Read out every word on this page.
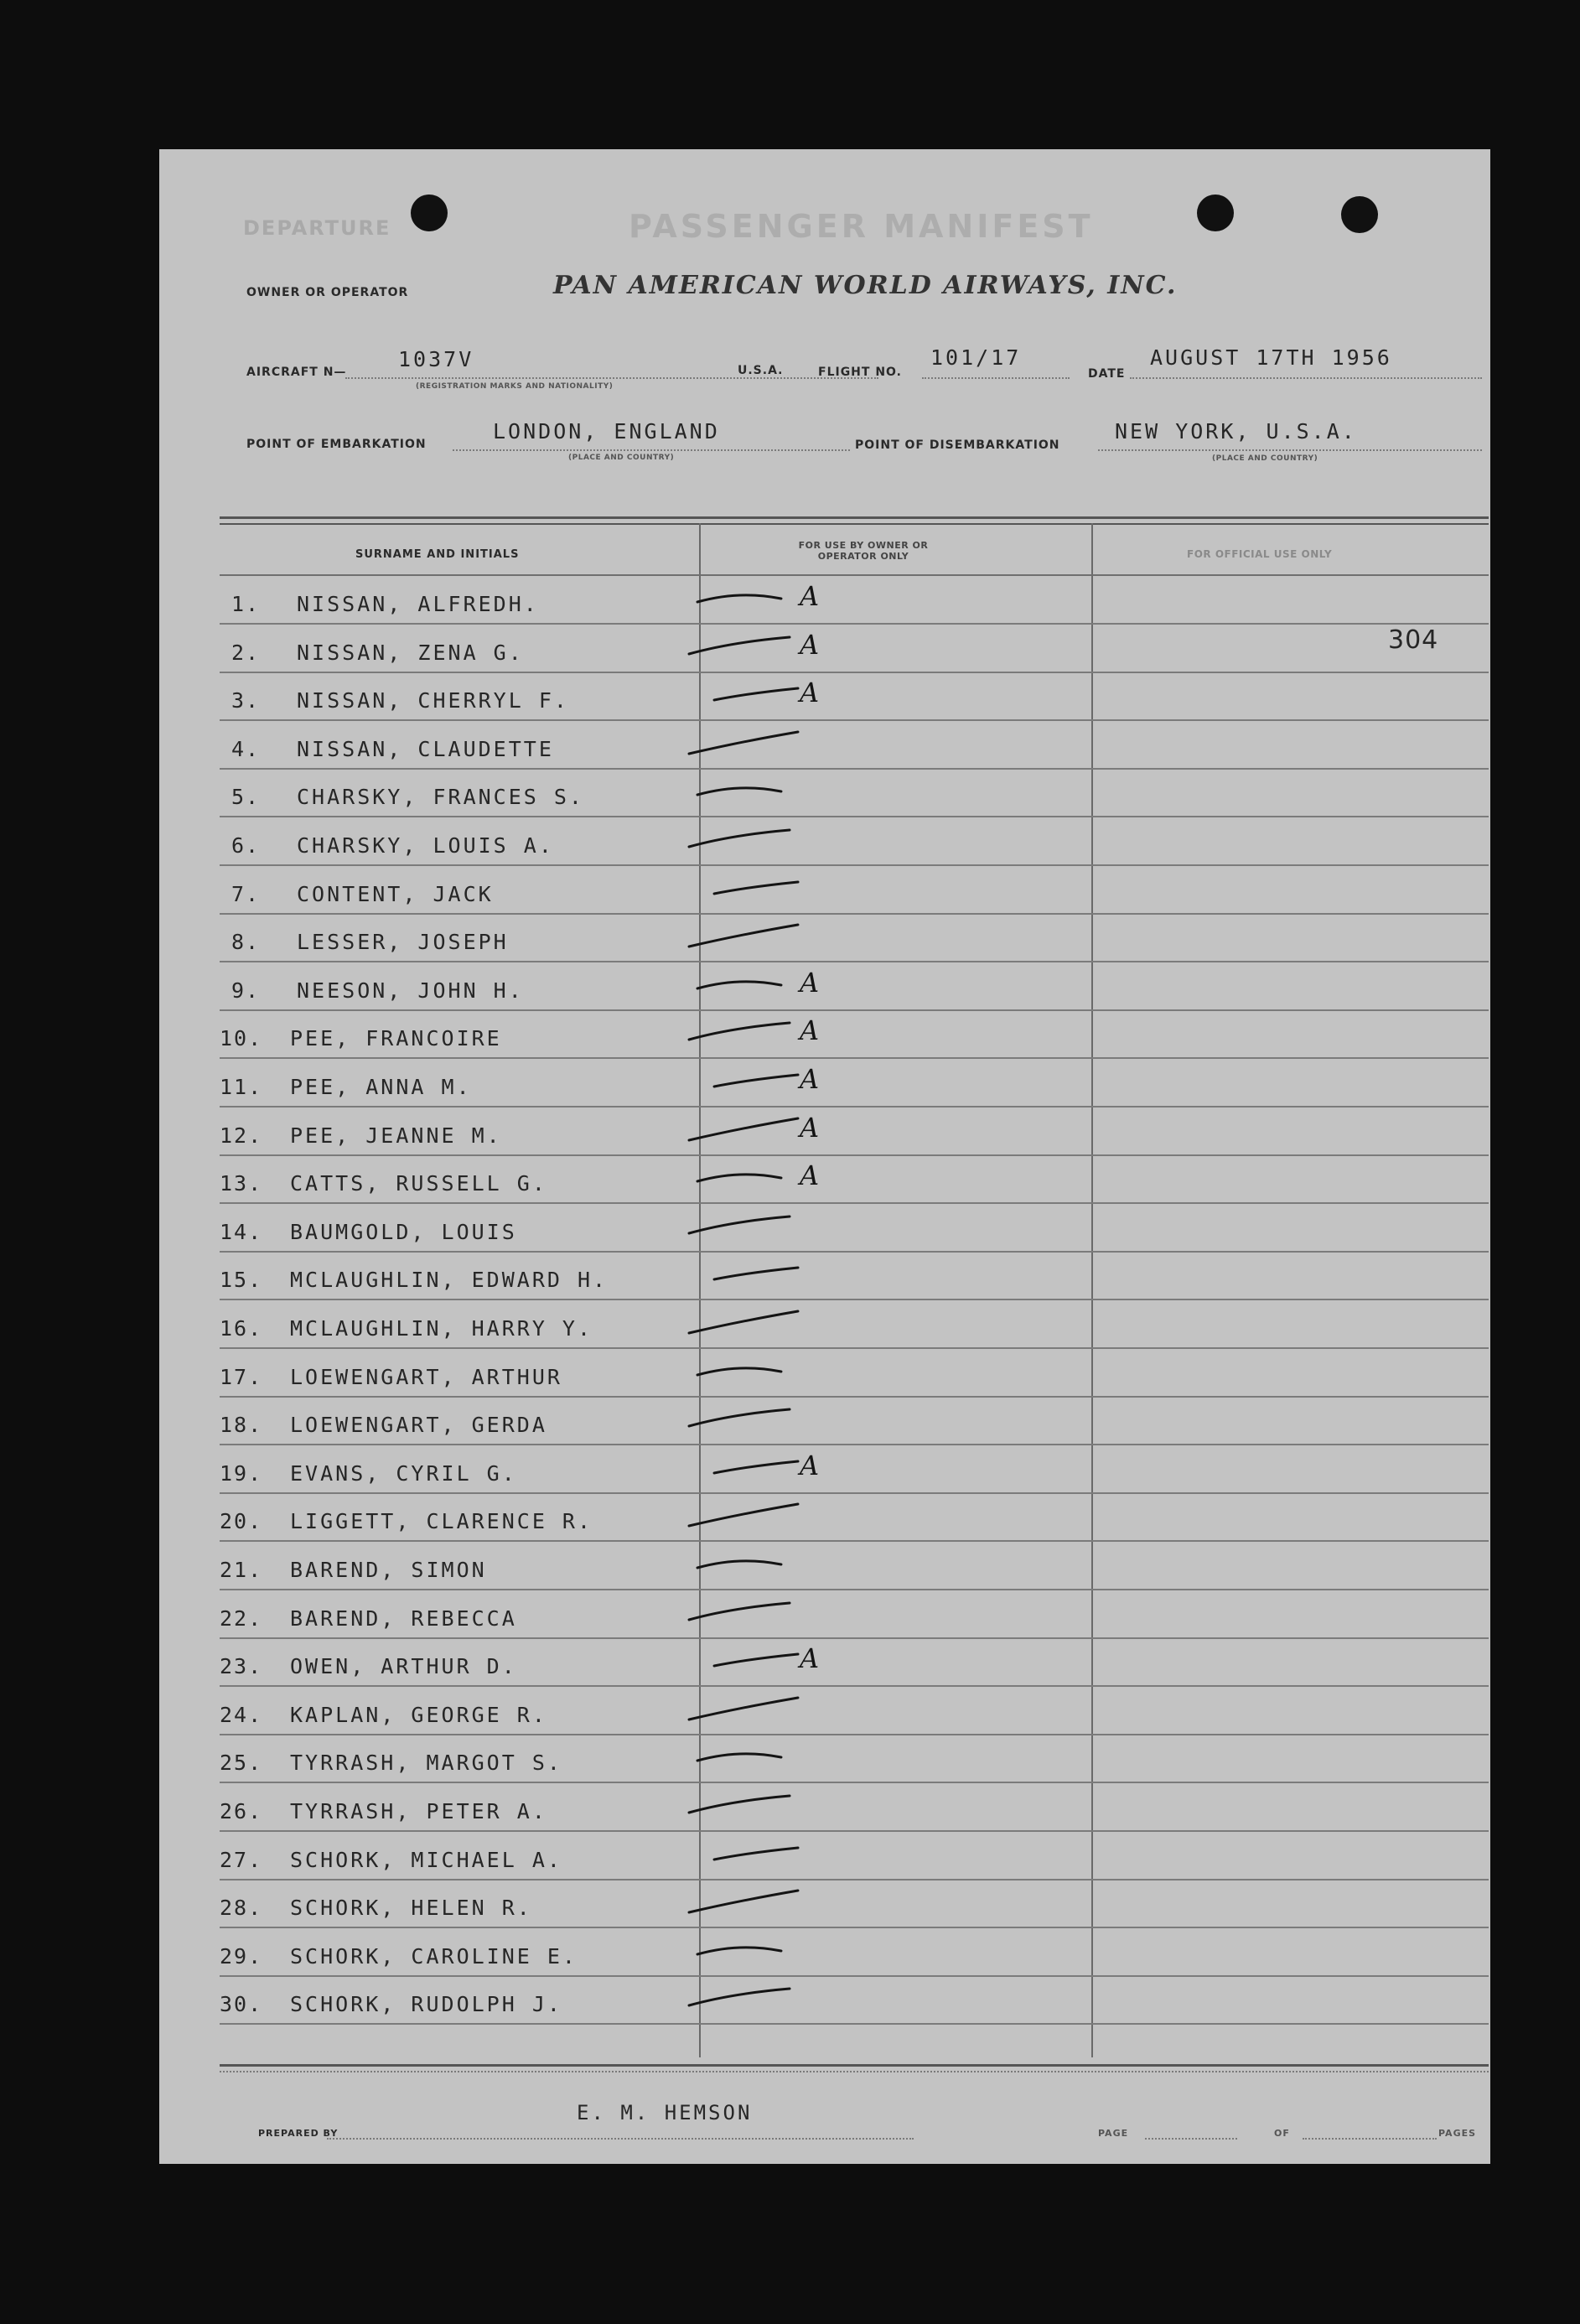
DEPARTURE	PASSENGER MANIFEST
OWNER OR OPERATOR	PAN AMERICAN WORLD AIRWAYS, INC.
AIRCRAFT N—
1037V
(REGISTRATION MARKS AND NATIONALITY)
U.S.A.	FLIGHT NO.
101/17
DATE
AUGUST 17TH 1956
POINT OF EMBARKATION
LONDON, ENGLAND
(PLACE AND COUNTRY)
POINT OF DISEMBARKATION
NEW YORK, U.S.A.
(PLACE AND COUNTRY)
SURNAME AND INITIALS
FOR USE BY OWNER OR OPERATOR ONLY	FOR OFFICIAL USE ONLY
304
1. NISSAN, ALFREDH.	A
2. NISSAN, ZENA G.	A
3. NISSAN, CHERRYL F.	A
4. NISSAN, CLAUDETTE
5. CHARSKY, FRANCES S.
6. CHARSKY, LOUIS A.
7. CONTENT, JACK
8. LESSER, JOSEPH
9. NEESON, JOHN H.	A
10. PEE, FRANCOIRE	A
11. PEE, ANNA M.	A
12. PEE, JEANNE M.	A
13. CATTS, RUSSELL G.	A
14. BAUMGOLD, LOUIS
15. MCLAUGHLIN, EDWARD H.
16. MCLAUGHLIN, HARRY Y.
17. LOEWENGART, ARTHUR
18. LOEWENGART, GERDA
19. EVANS, CYRIL G.	A
20. LIGGETT, CLARENCE R.
21. BAREND, SIMON
22. BAREND, REBECCA
23. OWEN, ARTHUR D.	A
24. KAPLAN, GEORGE R.
25. TYRRASH, MARGOT S.
26. TYRRASH, PETER A.
27. SCHORK, MICHAEL A.
28. SCHORK, HELEN R.
29. SCHORK, CAROLINE E.
30. SCHORK, RUDOLPH J.
PREPARED BY
E. M. HEMSON
PAGE	OF	PAGES
